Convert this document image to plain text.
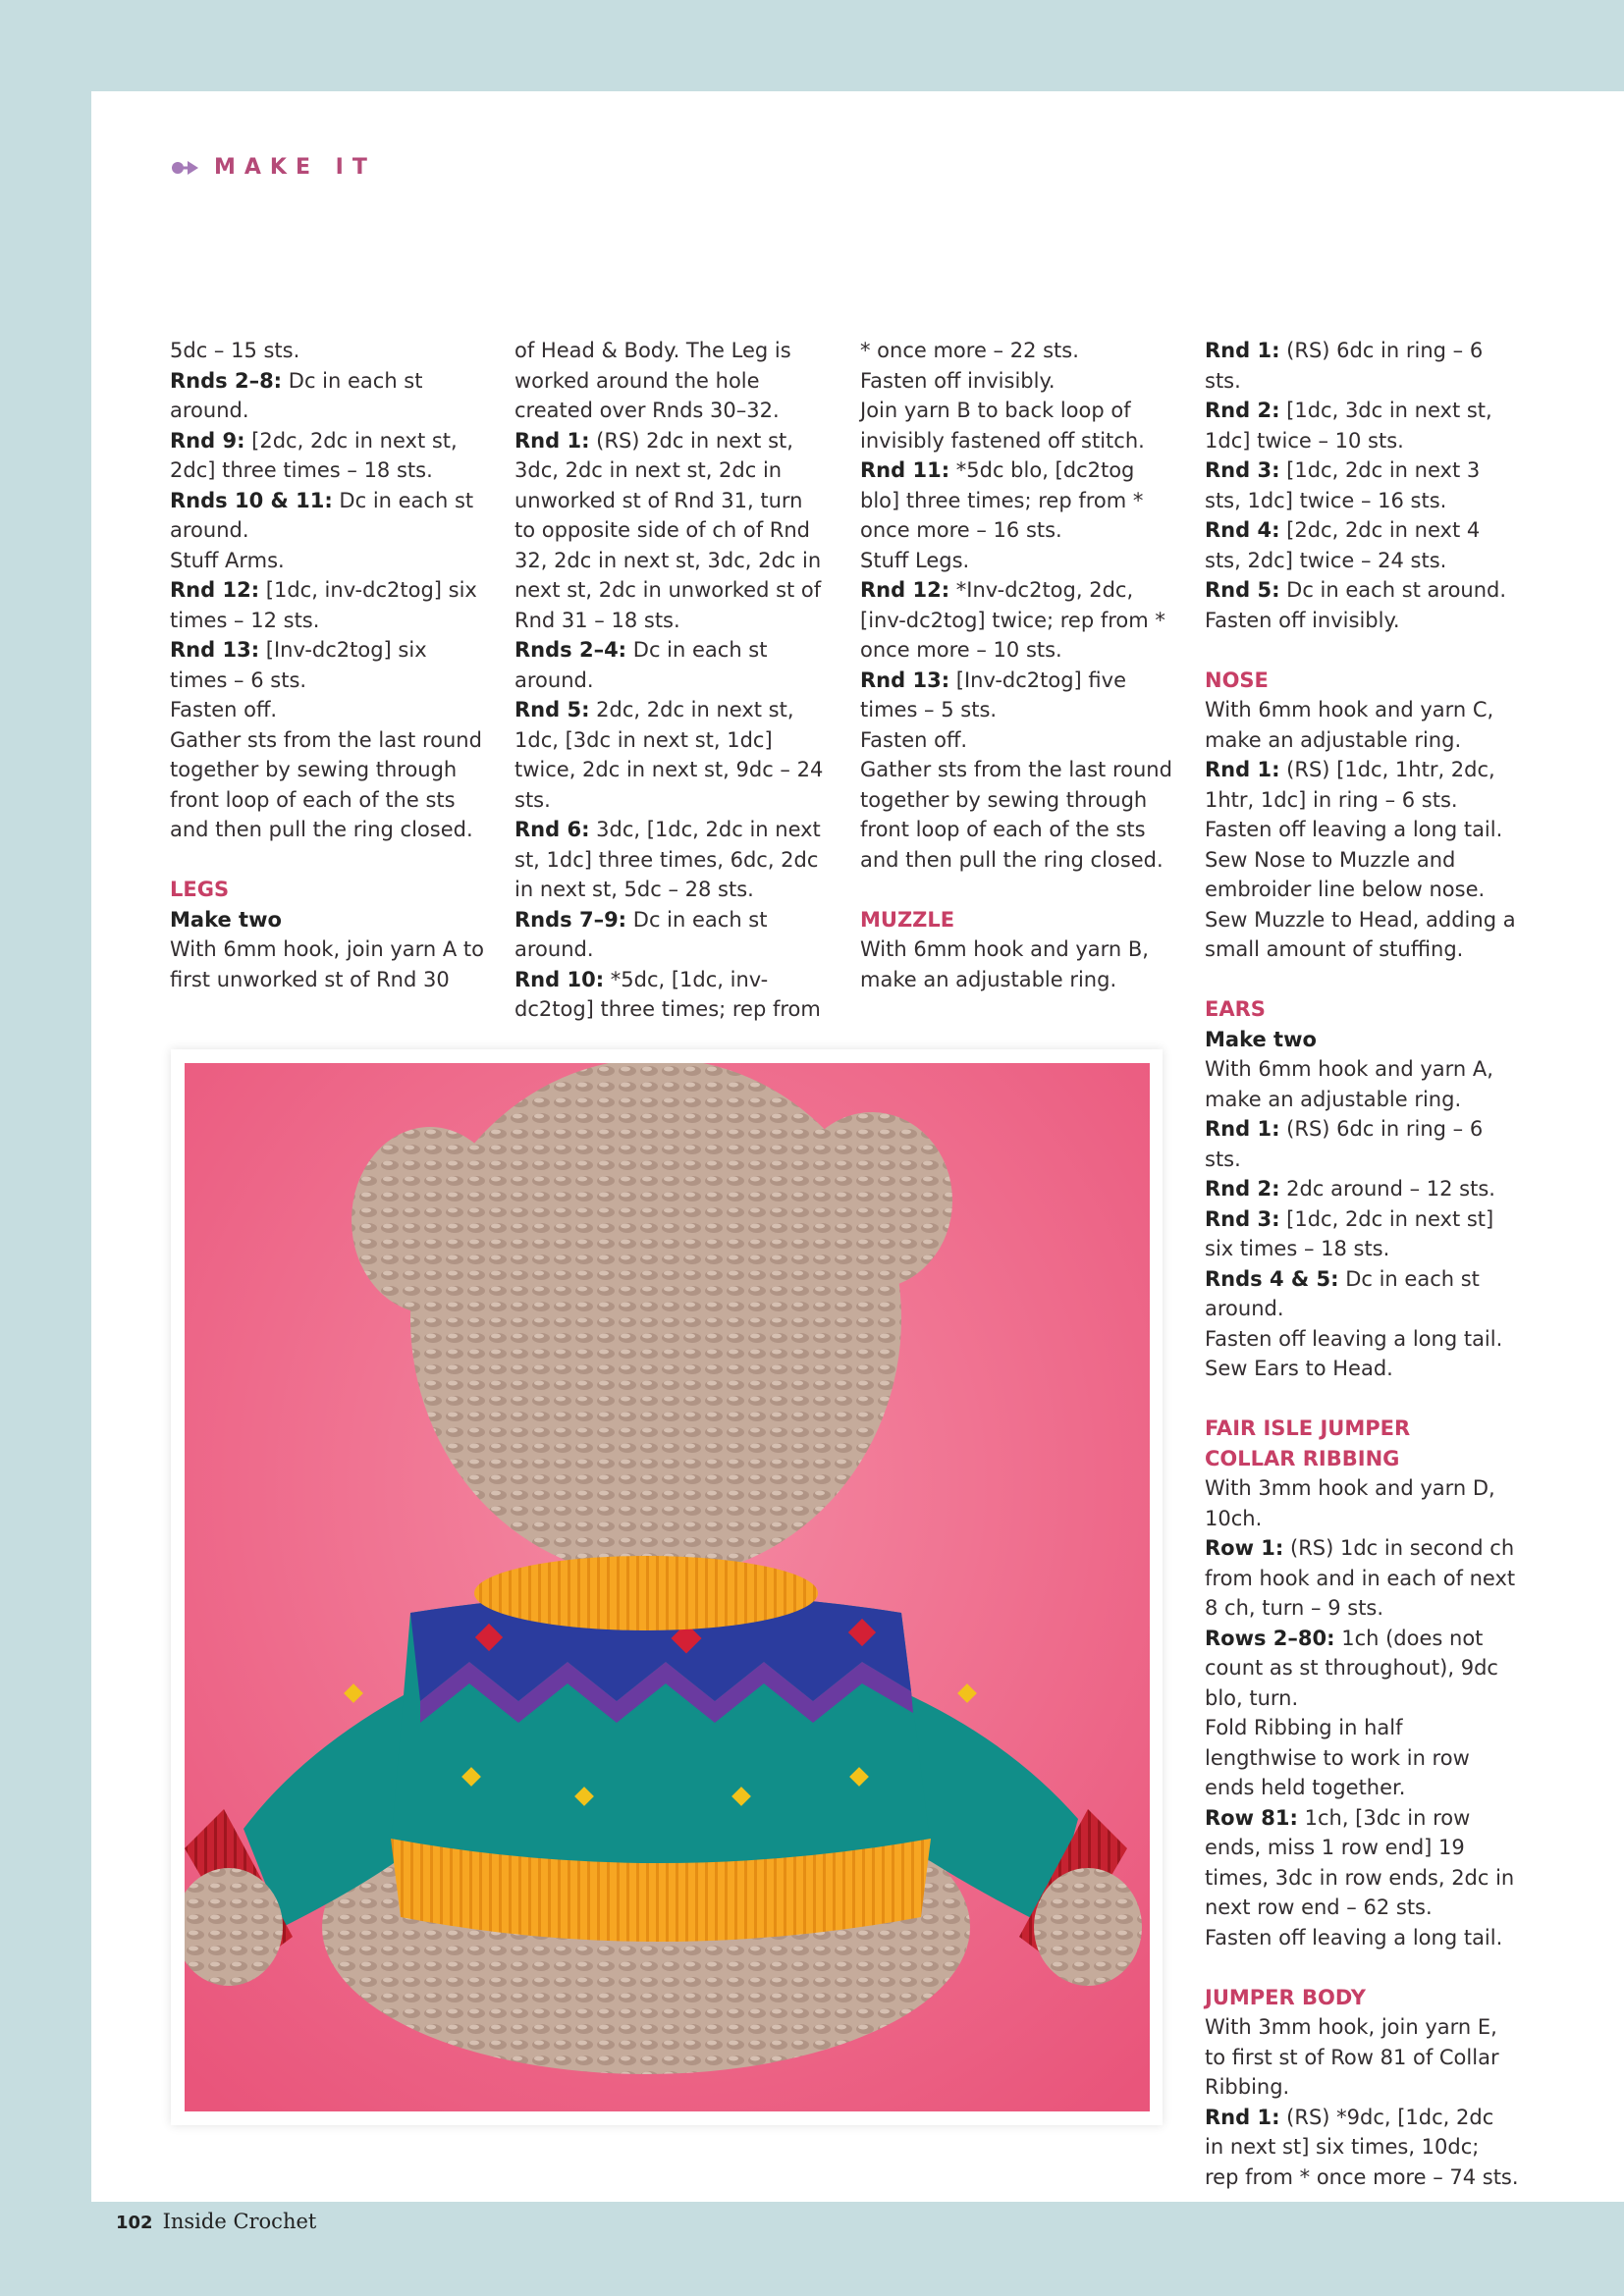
MAKE IT

5dc – 15 sts.

Rnds 2–8: Dc in each st around.

Rnd 9: [2dc, 2dc in next st, 2dc] three times – 18 sts.

Rnds 10 & 11: Dc in each st around.

Stuff Arms.

Rnd 12: [1dc, inv-dc2tog] six times – 12 sts.

Rnd 13: [Inv-dc2tog] six times – 6 sts.

Fasten off.

Gather sts from the last round together by sewing through front loop of each of the sts and then pull the ring closed.

LEGS

Make two

With 6mm hook, join yarn A to first unworked st of Rnd 30

of Head & Body. The Leg is worked around the hole created over Rnds 30–32.

Rnd 1: (RS) 2dc in next st, 3dc, 2dc in next st, 2dc in unworked st of Rnd 31, turn to opposite side of ch of Rnd 32, 2dc in next st, 3dc, 2dc in next st, 2dc in unworked st of Rnd 31 – 18 sts.

Rnds 2–4: Dc in each st around.

Rnd 5: 2dc, 2dc in next st, 1dc, [3dc in next st, 1dc] twice, 2dc in next st, 9dc – 24 sts.

Rnd 6: 3dc, [1dc, 2dc in next st, 1dc] three times, 6dc, 2dc in next st, 5dc – 28 sts.

Rnds 7–9: Dc in each st around.

Rnd 10: *5dc, [1dc, inv-dc2tog] three times; rep from

* once more – 22 sts.

Fasten off invisibly.

Join yarn B to back loop of invisibly fastened off stitch.

Rnd 11: *5dc blo, [dc2tog blo] three times; rep from * once more – 16 sts.

Stuff Legs.

Rnd 12: *Inv-dc2tog, 2dc, [inv-dc2tog] twice; rep from * once more – 10 sts.

Rnd 13: [Inv-dc2tog] five times – 5 sts.

Fasten off.

Gather sts from the last round together by sewing through front loop of each of the sts and then pull the ring closed.

MUZZLE

With 6mm hook and yarn B, make an adjustable ring.

Rnd 1: (RS) 6dc in ring – 6 sts.

Rnd 2: [1dc, 3dc in next st, 1dc] twice – 10 sts.

Rnd 3: [1dc, 2dc in next 3 sts, 1dc] twice – 16 sts.

Rnd 4: [2dc, 2dc in next 4 sts, 2dc] twice – 24 sts.

Rnd 5: Dc in each st around.

Fasten off invisibly.

NOSE

With 6mm hook and yarn C, make an adjustable ring.

Rnd 1: (RS) [1dc, 1htr, 2dc, 1htr, 1dc] in ring – 6 sts.

Fasten off leaving a long tail. Sew Nose to Muzzle and embroider line below nose. Sew Muzzle to Head, adding a small amount of stuffing.

EARS

Make two

With 6mm hook and yarn A, make an adjustable ring.

Rnd 1: (RS) 6dc in ring – 6 sts.

Rnd 2: 2dc around – 12 sts.

Rnd 3: [1dc, 2dc in next st] six times – 18 sts.

Rnds 4 & 5: Dc in each st around.

Fasten off leaving a long tail. Sew Ears to Head.

FAIR ISLE JUMPER

COLLAR RIBBING

With 3mm hook and yarn D, 10ch.

Row 1: (RS) 1dc in second ch from hook and in each of next 8 ch, turn – 9 sts.

Rows 2–80: 1ch (does not count as st throughout), 9dc blo, turn.

Fold Ribbing in half lengthwise to work in row ends held together.

Row 81: 1ch, [3dc in row ends, miss 1 row end] 19 times, 3dc in row ends, 2dc in next row end – 62 sts.

Fasten off leaving a long tail.

JUMPER BODY

With 3mm hook, join yarn E, to first st of Row 81 of Collar Ribbing.

Rnd 1: (RS) *9dc, [1dc, 2dc in next st] six times, 10dc; rep from * once more – 74 sts.

102 Inside Crochet
